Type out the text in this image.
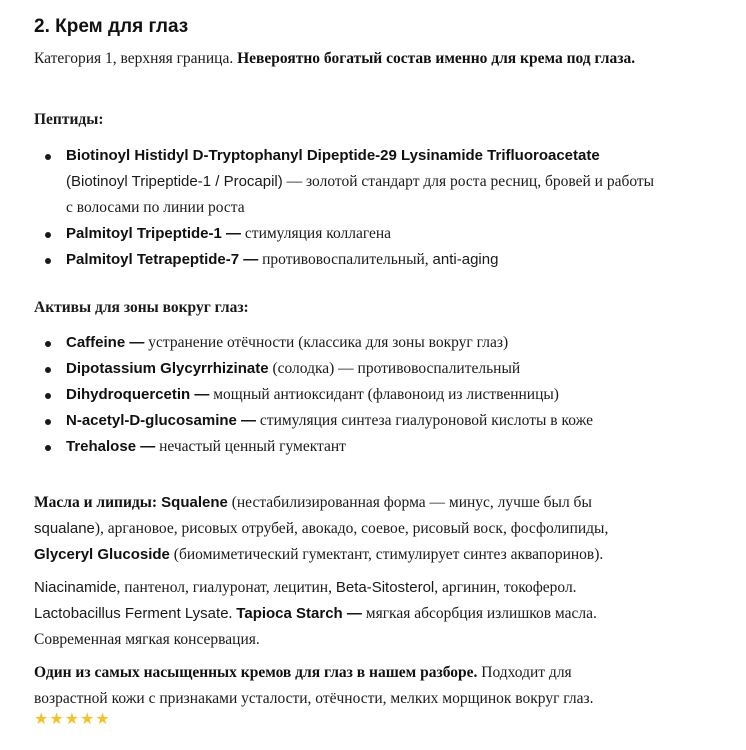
2. Крем для глаз
Категория 1, верхняя граница. Невероятно богатый состав именно для крема под глаза.
Пептиды:
Biotinoyl Histidyl D-Tryptophanyl Dipeptide-29 Lysinamide Trifluoroacetate
(Biotinoyl Tripeptide-1 / Procapil) — золотой стандарт для роста ресниц, бровей и работы
с волосами по линии роста
Palmitoyl Tripeptide-1 — стимуляция коллагена
Palmitoyl Tetrapeptide-7 — противовоспалительный, anti-aging
Активы для зоны вокруг глаз:
Caffeine — устранение отёчности (классика для зоны вокруг глаз)
Dipotassium Glycyrrhizinate (солодка) — противовоспалительный
Dihydroquercetin — мощный антиоксидант (флавоноид из лиственницы)
N-acetyl-D-glucosamine — стимуляция синтеза гиалуроновой кислоты в коже
Trehalose — нечастый ценный гумектант
Масла и липиды: Squalene (нестабилизированная форма — минус, лучше был бы
squalane), аргановое, рисовых отрубей, авокадо, соевое, рисовый воск, фосфолипиды,
Glyceryl Glucoside (биомиметический гумектант, стимулирует синтез аквапоринов).
Niacinamide, пантенол, гиалуронат, лецитин, Beta-Sitosterol, аргинин, токоферол.
Lactobacillus Ferment Lysate. Tapioca Starch — мягкая абсорбция излишков масла.
Современная мягкая консервация.
Один из самых насыщенных кремов для глаз в нашем разборе. Подходит для
возрастной кожи с признаками усталости, отёчности, мелких морщинок вокруг глаз.
★★★★★
